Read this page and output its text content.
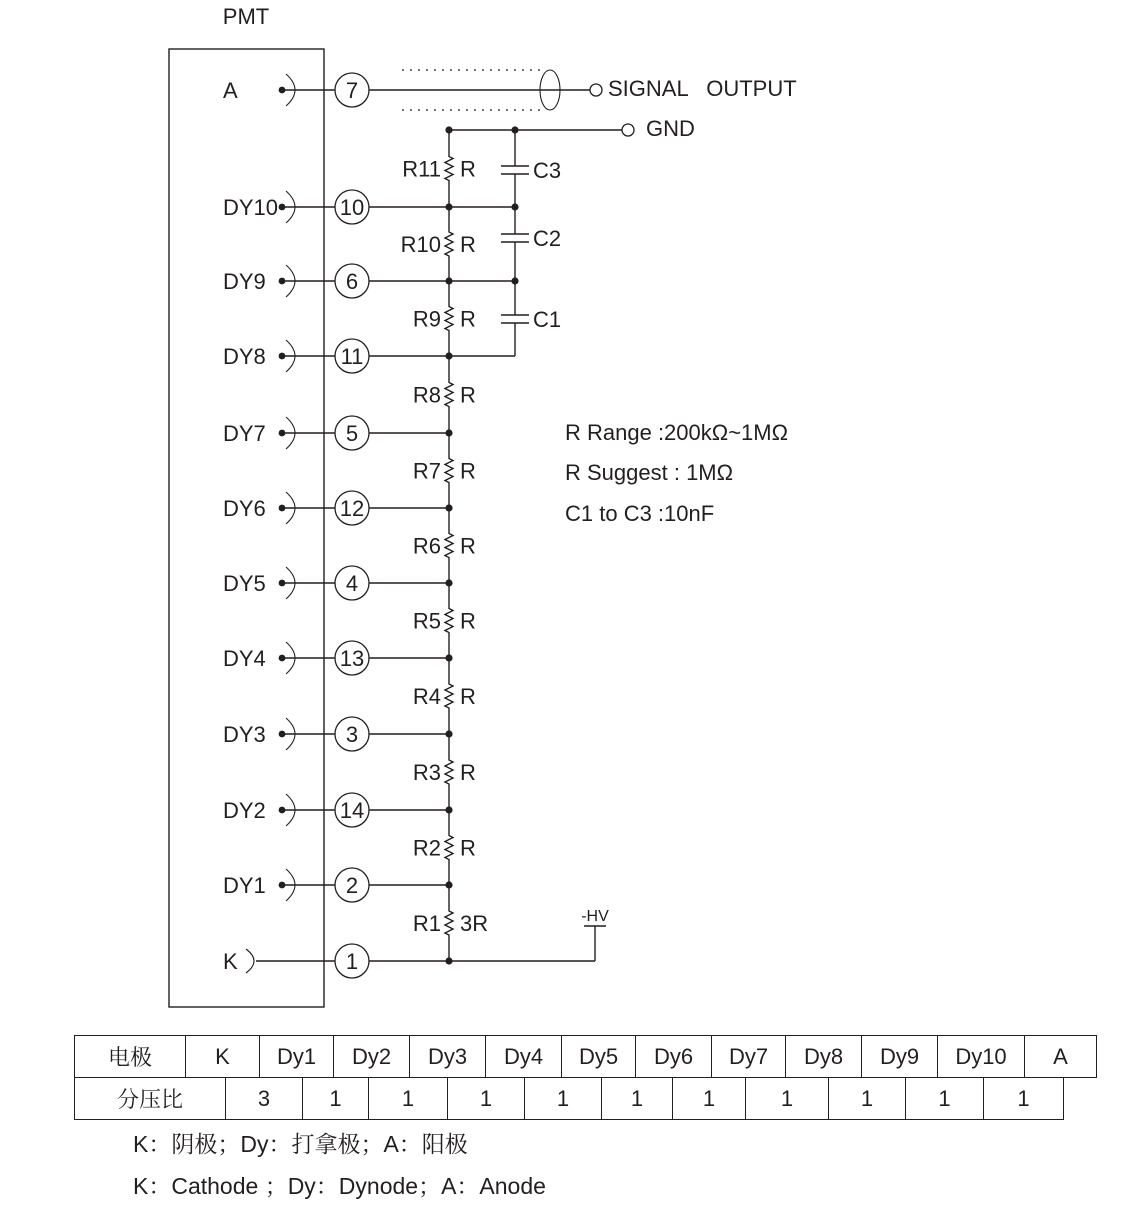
PMT
SIGNAL   OUTPUT
GND
C3
C2
C1
-HV
R Range :200kΩ~1MΩ
R Suggest : 1MΩ
C1 to C3 :10nF
A	7
DY10	10
DY9	6
DY8	11
DY7	5
DY6	12
DY5	4
DY4	13
DY3	3
DY2	14
DY1	2
K	1
R11 R
R10 R
R9 R
R8 R
R7 R
R6 R
R5 R
R4 R
R3 R
R2 R
R1 3R
电极	K	Dy1	Dy2	Dy3	Dy4	Dy5	Dy6	Dy7	Dy8	Dy9	Dy10	A
分压比	3	1	1	1	1	1	1	1	1	1	1
K：阴极；Dy：打拿极；A：阳极
K：Cathode ；Dy：Dynode；A：Anode
